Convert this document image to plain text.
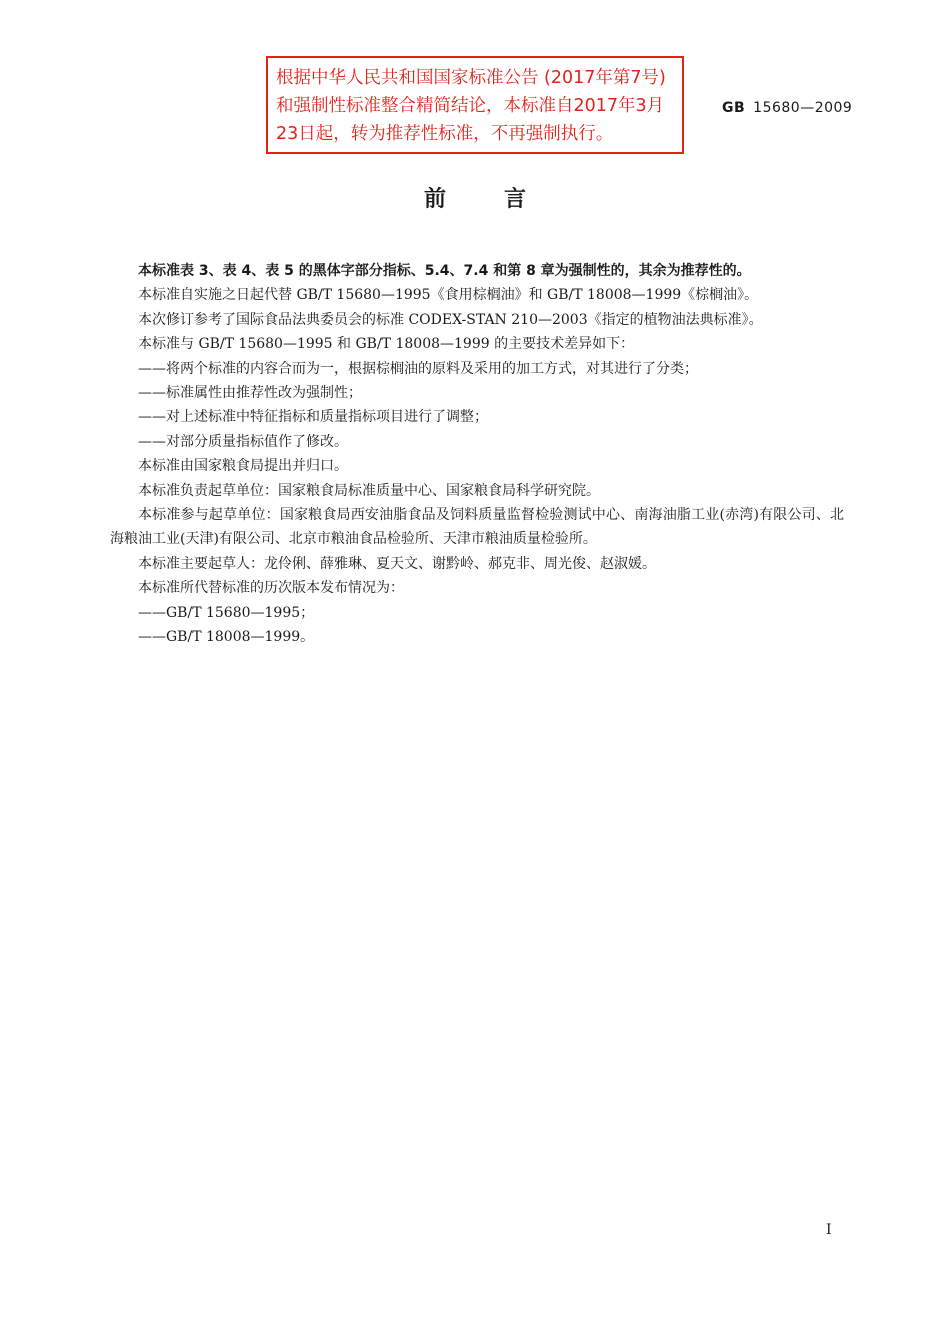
根据中华人民共和国国家标准公告 (2017年第7号) 和强制性标准整合精简结论，本标准自2017年3月23日起，转为推荐性标准，不再强制执行。
GB 15680—2009
前言

本标准表 3、表 4、表 5 的黑体字部分指标、5.4、7.4 和第 8 章为强制性的，其余为推荐性的。

本标准自实施之日起代替 GB/T 15680—1995《食用棕榈油》和 GB/T 18008—1999《棕榈油》。

本次修订参考了国际食品法典委员会的标准 CODEX-STAN 210—2003《指定的植物油法典标准》。

本标准与 GB/T 15680—1995 和 GB/T 18008—1999 的主要技术差异如下：

——将两个标准的内容合而为一，根据棕榈油的原料及采用的加工方式，对其进行了分类；

——标准属性由推荐性改为强制性；

——对上述标准中特征指标和质量指标项目进行了调整；

——对部分质量指标值作了修改。

本标准由国家粮食局提出并归口。

本标准负责起草单位：国家粮食局标准质量中心、国家粮食局科学研究院。

本标准参与起草单位：国家粮食局西安油脂食品及饲料质量监督检验测试中心、南海油脂工业(赤湾)有限公司、北海粮油工业(天津)有限公司、北京市粮油食品检验所、天津市粮油质量检验所。

本标准主要起草人：龙伶俐、薛雅琳、夏天文、谢黔岭、郝克非、周光俊、赵淑媛。

本标准所代替标准的历次版本发布情况为：

——GB/T 15680—1995；

——GB/T 18008—1999。

I
